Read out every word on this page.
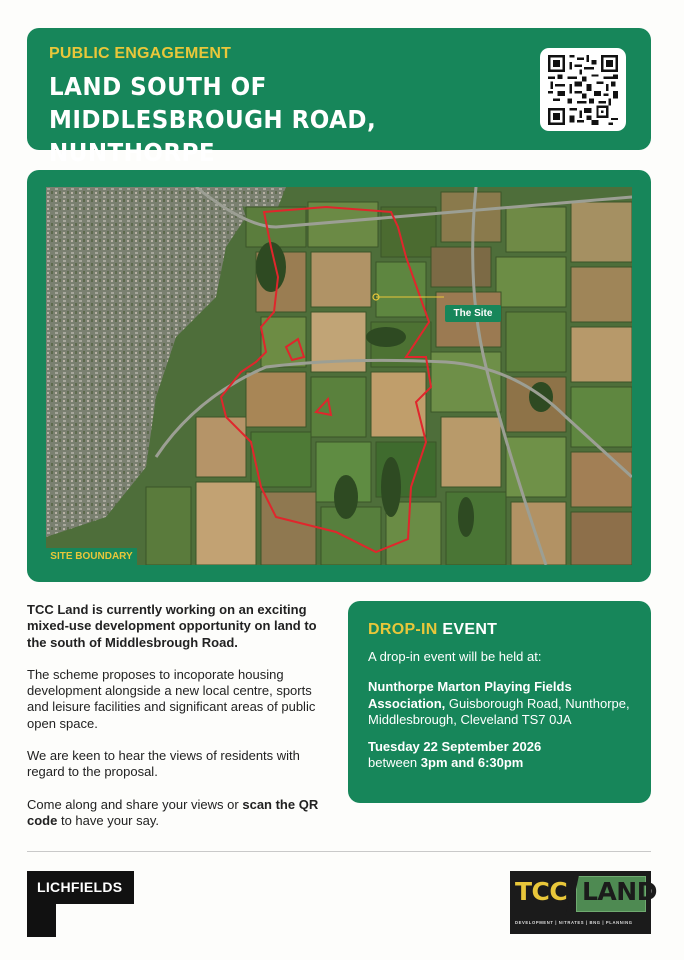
PUBLIC ENGAGEMENT
LAND SOUTH OF MIDDLESBROUGH ROAD, NUNTHORPE
The Site
SITE BOUNDARY

TCC Land is currently working on an exciting mixed-use development opportunity on land to the south of Middlesbrough Road.

The scheme proposes to incoporate housing development alongside a new local centre, sports and leisure facilities and significant areas of public open space.

We are keen to hear the views of residents with regard to the proposal.

Come along and share your views or scan the QR code to have your say.

DROP-IN EVENT
A drop-in event will be held at:
Nunthorpe Marton Playing Fields Association, Guisborough Road, Nunthorpe, Middlesbrough, Cleveland TS7 0JA
Tuesday 22 September 2026
between 3pm and 6:30pm
LICHFIELDS	TCC LAND
DEVELOPMENT | NITRATES | BNG | PLANNING
